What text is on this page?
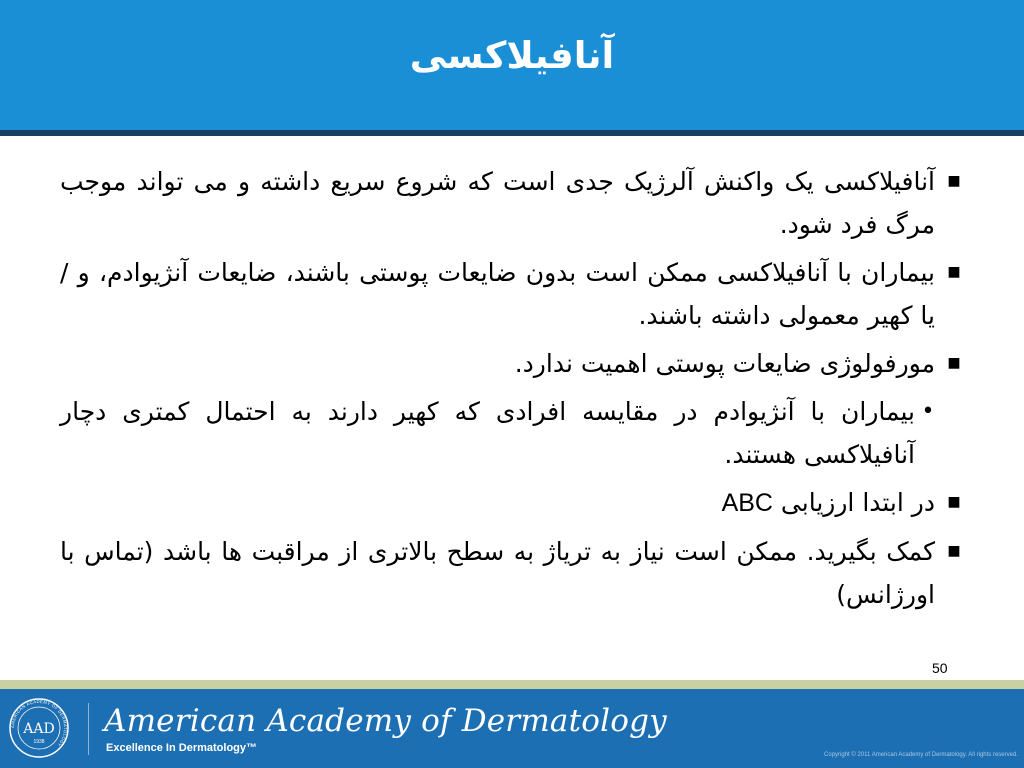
آنافیلاکسی
■
آنافیلاکسی یک واکنش آلرژیک جدی است که شروع سریع داشته و می تواند موجب مرگ فرد شود.
■
بیماران با آنافیلاکسی ممکن است بدون ضایعات پوستی باشند، ضایعات آنژیوادم، و / یا کهیر معمولی داشته باشند.
■
مورفولوژی ضایعات پوستی اهمیت ندارد.
•
بیماران با آنژیوادم در مقایسه افرادی که کهیر دارند به احتمال کمتری دچار آنافیلاکسی هستند.
■
در ابتدا ارزیابی ABC
■
کمک بگیرید. ممکن است نیاز به تریاژ به سطح بالاتری از مراقبت ها باشد (تماس با اورژانس)
50
AMERICAN ACADEMY OF DERMATOLOGY
AAD
1938
American Academy of Dermatology
Excellence In Dermatology™
Copyright © 2011 American Academy of Dermatology. All rights reserved.
